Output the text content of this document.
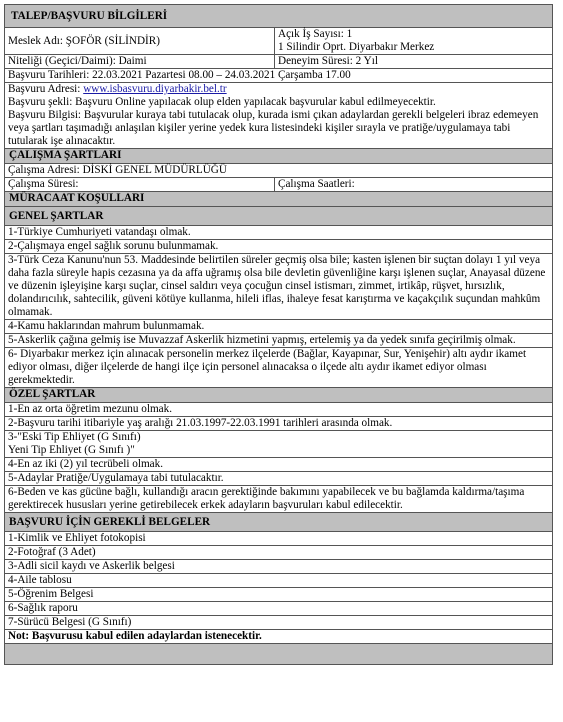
TALEP/BAŞVURU BİLGİLERİ	
Meslek Adı: ŞOFÖR (SİLİNDİR)	Açık İş Sayısı: 1
1 Silindir Oprt. Diyarbakır Merkez

Niteliği (Geçici/Daimi): Daimi	Deneyim Süresi: 2 Yıl
Başvuru Tarihleri: 22.03.2021 Pazartesi 08.00 – 24.03.2021 Çarşamba 17.00	

Başvuru Adresi: www.isbasvuru.diyarbakir.bel.tr
Başvuru şekli: Başvuru Online yapılacak olup elden yapılacak başvurular kabul edilmeyecektir.
Başvuru Bilgisi: Başvurular kuraya tabi tutulacak olup, kurada ismi çıkan adaylardan gerekli belgeleri ibraz edemeyen veya şartları taşımadığı anlaşılan kişiler yerine yedek kura listesindeki kişiler sırayla ve pratiğe/uygulamaya tabi tutularak işe alınacaktır.	

ÇALIŞMA ŞARTLARI	
Çalışma Adresi: DİSKİ GENEL MÜDÜRLÜĞÜ	
Çalışma Süresi:	Çalışma Saatleri:
MÜRACAAT KOŞULLARI	
GENEL ŞARTLAR	
1-Türkiye Cumhuriyeti vatandaşı olmak.	
2-Çalışmaya engel sağlık sorunu bulunmamak.	
3-Türk Ceza Kanunu'nun 53. Maddesinde belirtilen süreler geçmiş olsa bile; kasten işlenen bir suçtan dolayı 1 yıl veya daha fazla süreyle hapis cezasına ya da affa uğramış olsa bile devletin güvenliğine karşı işlenen suçlar, Anayasal düzene ve düzenin işleyişine karşı suçlar, cinsel saldırı veya çocuğun cinsel istismarı, zimmet, irtikâp, rüşvet, hırsızlık, dolandırıcılık, sahtecilik, güveni kötüye kullanma, hileli iflas, ihaleye fesat karıştırma ve kaçakçılık suçundan mahkûm olmamak.	
4-Kamu haklarından mahrum bulunmamak.	
5-Askerlik çağına gelmiş ise Muvazzaf Askerlik hizmetini yapmış, ertelemiş ya da yedek sınıfa geçirilmiş olmak.	
6- Diyarbakır merkez için alınacak personelin merkez ilçelerde (Bağlar, Kayapınar, Sur, Yenişehir) altı aydır ikamet ediyor olması, diğer ilçelerde de hangi ilçe için personel alınacaksa o ilçede altı aydır ikamet ediyor olması gerekmektedir.	
ÖZEL ŞARTLAR	
1-En az orta öğretim mezunu olmak.	
2-Başvuru tarihi itibariyle yaş aralığı 21.03.1997-22.03.1991 tarihleri arasında olmak.	
3-"Eski Tip Ehliyet (G Sınıfı)
Yeni Tip Ehliyet (G Sınıfı )"	
4-En az iki (2) yıl tecrübeli olmak.	
5-Adaylar Pratiğe/Uygulamaya tabi tutulacaktır.	
6-Beden ve kas gücüne bağlı, kullandığı aracın gerektiğinde bakımını yapabilecek ve bu bağlamda kaldırma/taşıma gerektirecek hususları yerine getirebilecek erkek adayların başvuruları kabul edilecektir.	
BAŞVURU İÇİN GEREKLİ BELGELER	
1-Kimlik ve Ehliyet fotokopisi	
2-Fotoğraf (3 Adet)	
3-Adli sicil kaydı ve Askerlik belgesi	
4-Aile tablosu	
5-Öğrenim Belgesi	
6-Sağlık raporu	
7-Sürücü Belgesi (G Sınıfı)	
Not: Başvurusu kabul edilen adaylardan istenecektir.	
